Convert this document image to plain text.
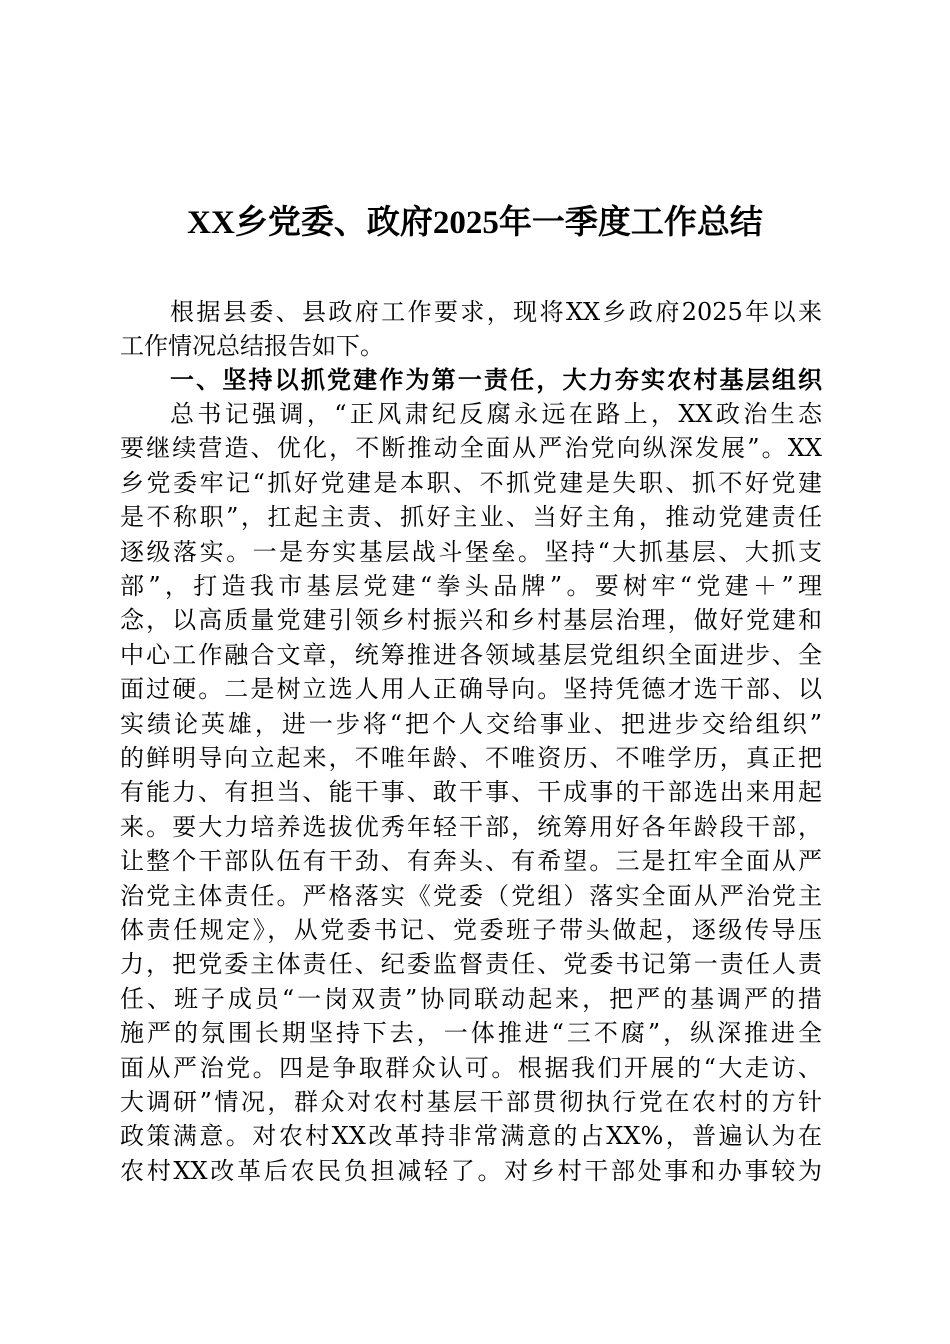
XX乡党委、政府2025年一季度工作总结
根据县委、县政府工作要求，现将XX乡政府2025年以来
工作情况总结报告如下。
一、坚持以抓党建作为第一责任，大力夯实农村基层组织
总书记强调，“正风肃纪反腐永远在路上，XX政治生态
要继续营造、优化，不断推动全面从严治党向纵深发展”。XX
乡党委牢记“抓好党建是本职、不抓党建是失职、抓不好党建
是不称职”，扛起主责、抓好主业、当好主角，推动党建责任
逐级落实。一是夯实基层战斗堡垒。坚持“大抓基层、大抓支
部”，打造我市基层党建“拳头品牌”。要树牢“党建＋”理
念，以高质量党建引领乡村振兴和乡村基层治理，做好党建和
中心工作融合文章，统筹推进各领域基层党组织全面进步、全
面过硬。二是树立选人用人正确导向。坚持凭德才选干部、以
实绩论英雄，进一步将“把个人交给事业、把进步交给组织”
的鲜明导向立起来，不唯年龄、不唯资历、不唯学历，真正把
有能力、有担当、能干事、敢干事、干成事的干部选出来用起
来。要大力培养选拔优秀年轻干部，统筹用好各年龄段干部，
让整个干部队伍有干劲、有奔头、有希望。三是扛牢全面从严
治党主体责任。严格落实《党委（党组）落实全面从严治党主
体责任规定》，从党委书记、党委班子带头做起，逐级传导压
力，把党委主体责任、纪委监督责任、党委书记第一责任人责
任、班子成员“一岗双责”协同联动起来，把严的基调严的措
施严的氛围长期坚持下去，一体推进“三不腐”，纵深推进全
面从严治党。四是争取群众认可。根据我们开展的“大走访、
大调研”情况，群众对农村基层干部贯彻执行党在农村的方针
政策满意。对农村XX改革持非常满意的占XX%，普遍认为在
农村XX改革后农民负担减轻了。对乡村干部处事和办事较为
